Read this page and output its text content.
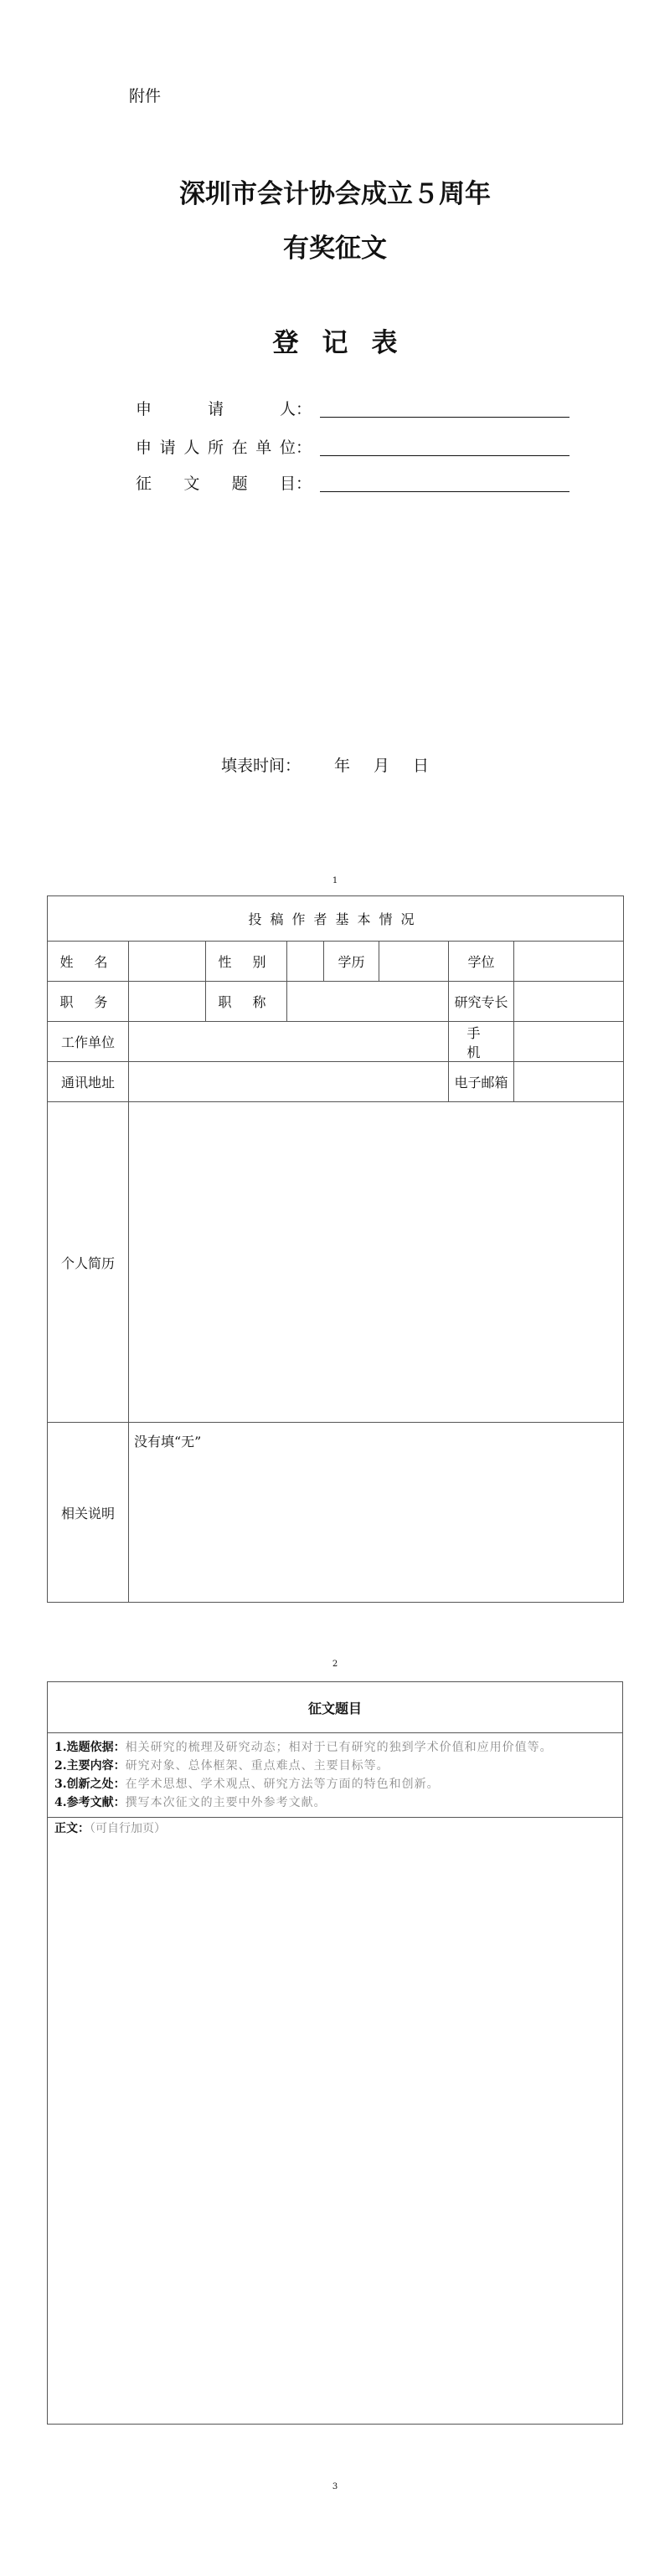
附件
深圳市会计协会成立５周年
有奖征文
登记表
申	请	人：
申 请 人 所 在 单 位：
征 文 题 目：
填表时间： 年 月 日
1
投稿作者基本情况							
姓 名		性 别		学历		学位	
职 务		职 称				研究专长	
工作单位						手 机	
通讯地址						电子邮箱	
个人简历							
相关说明	没有填“无”						
2
征文题目
1.选题依据：相关研究的梳理及研究动态；相对于已有研究的独到学术价值和应用价值等。
2.主要内容：研究对象、总体框架、重点难点、主要目标等。
3.创新之处：在学术思想、学术观点、研究方法等方面的特色和创新。
4.参考文献：撰写本次征文的主要中外参考文献。
正文：（可自行加页）
3
